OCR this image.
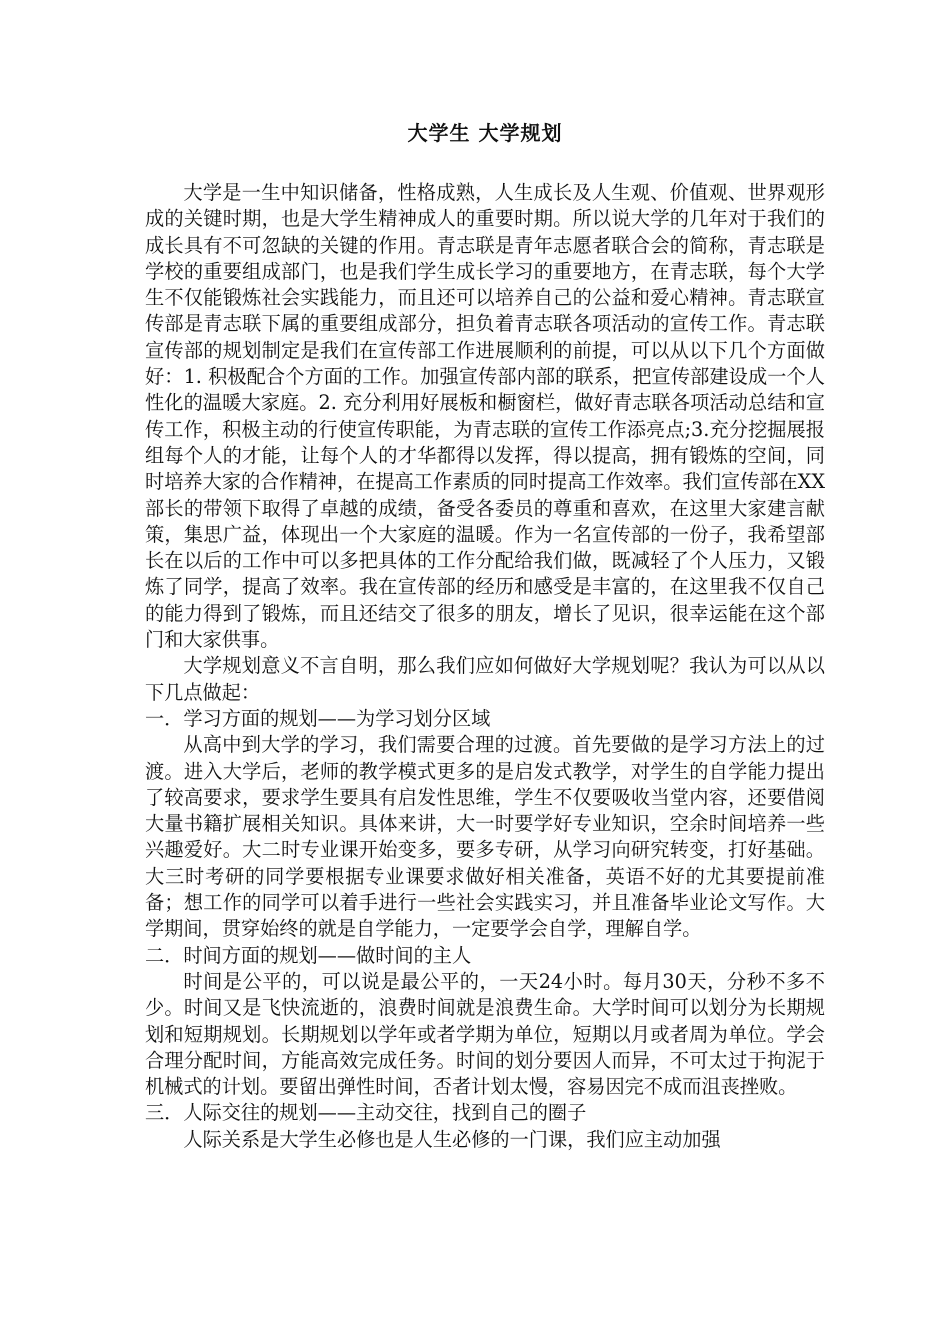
大学生 大学规划

大学是一生中知识储备，性格成熟，人生成长及人生观、价值观、世界观形成的关键时期，也是大学生精神成人的重要时期。所以说大学的几年对于我们的成长具有不可忽缺的关键的作用。青志联是青年志愿者联合会的简称，青志联是学校的重要组成部门，也是我们学生成长学习的重要地方，在青志联，每个大学生不仅能锻炼社会实践能力，而且还可以培养自己的公益和爱心精神。青志联宣传部是青志联下属的重要组成部分，担负着青志联各项活动的宣传工作。青志联宣传部的规划制定是我们在宣传部工作进展顺利的前提，可以从以下几个方面做好：1. 积极配合个方面的工作。加强宣传部内部的联系，把宣传部建设成一个人性化的温暖大家庭。2. 充分利用好展板和橱窗栏，做好青志联各项活动总结和宣传工作，积极主动的行使宣传职能，为青志联的宣传工作添亮点;3.充分挖掘展报组每个人的才能，让每个人的才华都得以发挥，得以提高，拥有锻炼的空间，同时培养大家的合作精神，在提高工作素质的同时提高工作效率。我们宣传部在XX部长的带领下取得了卓越的成绩，备受各委员的尊重和喜欢，在这里大家建言献策，集思广益，体现出一个大家庭的温暖。作为一名宣传部的一份子，我希望部长在以后的工作中可以多把具体的工作分配给我们做，既减轻了个人压力，又锻炼了同学，提高了效率。我在宣传部的经历和感受是丰富的，在这里我不仅自己的能力得到了锻炼，而且还结交了很多的朋友，增长了见识，很幸运能在这个部门和大家供事。

大学规划意义不言自明，那么我们应如何做好大学规划呢？我认为可以从以下几点做起：

一．学习方面的规划——为学习划分区域

从高中到大学的学习，我们需要合理的过渡。首先要做的是学习方法上的过渡。进入大学后，老师的教学模式更多的是启发式教学，对学生的自学能力提出了较高要求，要求学生要具有启发性思维，学生不仅要吸收当堂内容，还要借阅大量书籍扩展相关知识。具体来讲，大一时要学好专业知识，空余时间培养一些兴趣爱好。大二时专业课开始变多，要多专研，从学习向研究转变，打好基础。大三时考研的同学要根据专业课要求做好相关准备，英语不好的尤其要提前准备；想工作的同学可以着手进行一些社会实践实习，并且准备毕业论文写作。大学期间，贯穿始终的就是自学能力，一定要学会自学，理解自学。

二．时间方面的规划——做时间的主人

时间是公平的，可以说是最公平的，一天24小时。每月30天，分秒不多不少。时间又是飞快流逝的，浪费时间就是浪费生命。大学时间可以划分为长期规划和短期规划。长期规划以学年或者学期为单位，短期以月或者周为单位。学会合理分配时间，方能高效完成任务。时间的划分要因人而异，不可太过于拘泥于机械式的计划。要留出弹性时间，否者计划太慢，容易因完不成而沮丧挫败。

三．人际交往的规划——主动交往，找到自己的圈子

人际关系是大学生必修也是人生必修的一门课，我们应主动加强
